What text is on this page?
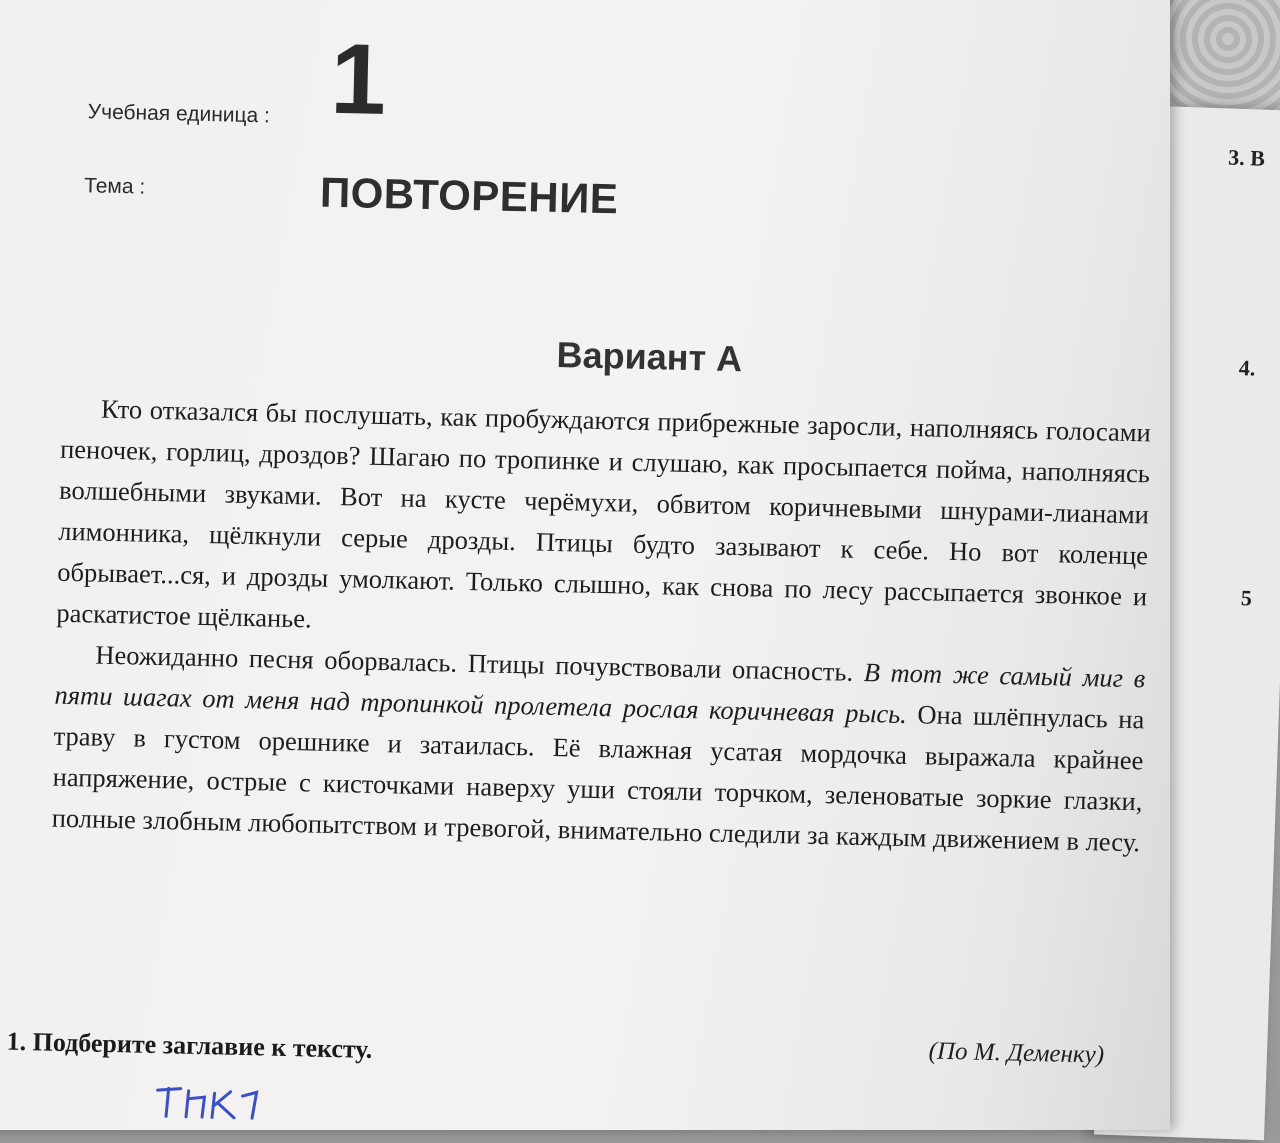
3. В
4.
5
Учебная единица : 1
Тема :	ПОВТОРЕНИЕ
Вариант А

Кто отказался бы послушать, как пробуждаются прибрежные заросли, наполняясь голосами пеночек, горлиц, дроздов? Шагаю по тропинке и слушаю, как просыпается пойма, наполняясь волшебными звуками. Вот на кусте черёмухи, обвитом коричневыми шнурами-лианами лимонника, щёлкнули серые дрозды. Птицы будто зазывают к себе. Но вот коленце обрывает...ся, и дрозды умолкают. Только слышно, как снова по лесу рассыпается звонкое и раскатистое щёлканье.

Неожиданно песня оборвалась. Птицы почувствовали опасность. В тот же самый миг в пяти шагах от меня над тропинкой пролетела рослая коричневая рысь. Она шлёпнулась на траву в густом орешнике и затаилась. Её влажная усатая мордочка выражала крайнее напряжение, острые с кисточками наверху уши стояли торчком, зеленоватые зоркие глазки, полные злобным любопытством и тревогой, внимательно следили за каждым движением в лесу.

(По М. Деменку)
1. Подберите заглавие к тексту.
